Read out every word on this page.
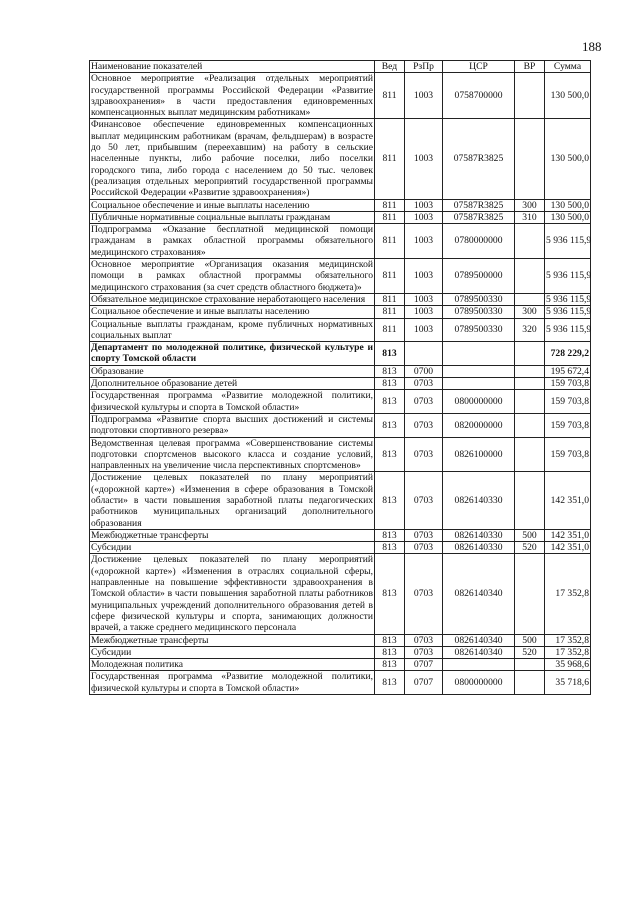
188
Наименование показателей	Вед	РзПр	ЦСР	ВР	Сумма
Основное мероприятие «Реализация отдельных мероприятий государственной программы Российской Федерации «Развитие здравоохранения» в части предоставления единовременных компенсационных выплат медицинским работникам»	811	1003	0758700000		130 500,0
Финансовое обеспечение единовременных компенсационных выплат медицинским работникам (врачам, фельдшерам) в возрасте до 50 лет, прибывшим (переехавшим) на работу в сельские населенные пункты, либо рабочие поселки, либо поселки городского типа, либо города с населением до 50 тыс. человек (реализация отдельных мероприятий государственной программы Российской Федерации «Развитие здравоохранения»)	811	1003	07587R3825		130 500,0
Социальное обеспечение и иные выплаты населению	811	1003	07587R3825	300	130 500,0
Публичные нормативные социальные выплаты гражданам	811	1003	07587R3825	310	130 500,0
Подпрограмма «Оказание бесплатной медицинской помощи гражданам в рамках областной программы обязательного медицинского страхования»	811	1003	0780000000		5 936 115,9
Основное мероприятие «Организация оказания медицинской помощи в рамках областной программы обязательного медицинского страхования (за счет средств областного бюджета)»	811	1003	0789500000		5 936 115,9
Обязательное медицинское страхование неработающего населения	811	1003	0789500330		5 936 115,9
Социальное обеспечение и иные выплаты населению	811	1003	0789500330	300	5 936 115,9
Социальные выплаты гражданам, кроме публичных нормативных социальных выплат	811	1003	0789500330	320	5 936 115,9
Департамент по молодежной политике, физической культуре и спорту Томской области	813				728 229,2
Образование	813	0700			195 672,4
Дополнительное образование детей	813	0703			159 703,8
Государственная программа «Развитие молодежной политики, физической культуры и спорта в Томской области»	813	0703	0800000000		159 703,8
Подпрограмма «Развитие спорта высших достижений и системы подготовки спортивного резерва»	813	0703	0820000000		159 703,8
Ведомственная целевая программа «Совершенствование системы подготовки спортсменов высокого класса и создание условий, направленных на увеличение числа перспективных спортсменов»	813	0703	0826100000		159 703,8
Достижение целевых показателей по плану мероприятий («дорожной карте») «Изменения в сфере образования в Томской области» в части повышения заработной платы педагогических работников муниципальных организаций дополнительного образования	813	0703	0826140330		142 351,0
Межбюджетные трансферты	813	0703	0826140330	500	142 351,0
Субсидии	813	0703	0826140330	520	142 351,0
Достижение целевых показателей по плану мероприятий («дорожной карте») «Изменения в отраслях социальной сферы, направленные на повышение эффективности здравоохранения в Томской области» в части повышения заработной платы работников муниципальных учреждений дополнительного образования детей в сфере физической культуры и спорта, занимающих должности врачей, а также среднего медицинского персонала	813	0703	0826140340		17 352,8
Межбюджетные трансферты	813	0703	0826140340	500	17 352,8
Субсидии	813	0703	0826140340	520	17 352,8
Молодежная политика	813	0707			35 968,6
Государственная программа «Развитие молодежной политики, физической культуры и спорта в Томской области»	813	0707	0800000000		35 718,6
